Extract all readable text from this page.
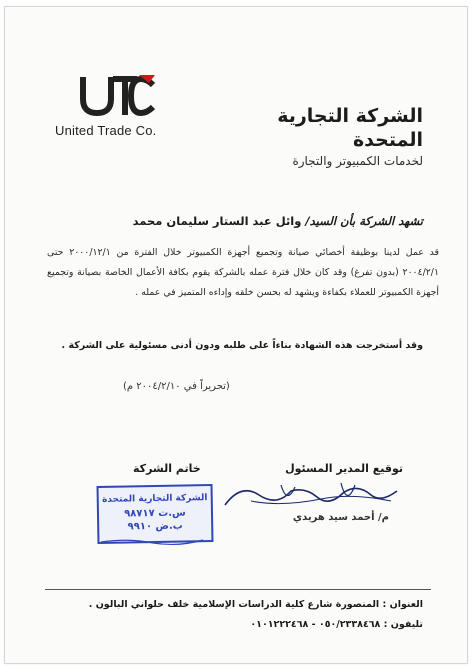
United Trade Co.
الشركة التجارية المتحدة
لخدمات الكمبيوتر والتجارة
تشهد الشركة بأن السيد/ وائل عبد الستار سليمان محمد
قد عمل لدينا بوظيفة أخصائي صيانة وتجميع أجهزة الكمبيوتر خلال الفترة من ٢٠٠٠/١٢/١ حتى ٢٠٠٤/٢/١ (بدون تفرغ) وقد كان خلال فترة عمله بالشركة يقوم بكافة الأعمال الخاصة بصيانة وتجميع أجهزة الكمبيوتر للعملاء بكفاءة ويشهد له بحسن خلقه وإداءه المتميز في عمله .
وقد أستخرجت هذه الشهادة بناءاً على طلبه ودون أدنى مسئولية على الشركة .
(تحريراً في ٢٠٠٤/٢/١٠ م)
توقيع المدير المسئول
خاتم الشركة
م/ أحمد سيد هريدي
الشركة التجارية المتحدة
س.ت ٩٨٧١٧
ب.ض ٩٩١٠
العنوان : المنصورة شارع كلية الدراسات الإسلامية خلف حلواني البالون .
تليفون : ٠٥٠/٢٣٣٨٤٦٨ - ٠١٠١٢٢٢٤٦٨
